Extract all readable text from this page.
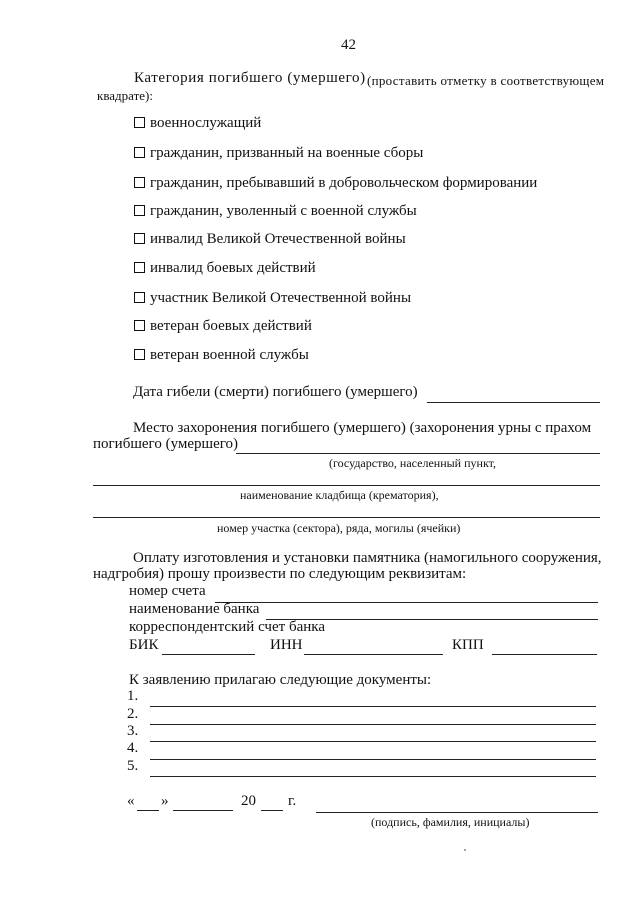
42
Категория погибшего (умершего) (проставить отметку в соответствующем
квадрате):
военнослужащий
гражданин, призванный на военные сборы
гражданин, пребывавший в добровольческом формировании
гражданин, уволенный с военной службы
инвалид Великой Отечественной войны
инвалид боевых действий
участник Великой Отечественной войны
ветеран боевых действий
ветеран военной службы
Дата гибели (смерти) погибшего (умершего)
Место захоронения погибшего (умершего) (захоронения урны с прахом
погибшего (умершего)
(государство, населенный пункт,
наименование кладбища (крематория),
номер участка (сектора), ряда, могилы (ячейки)
Оплату изготовления и установки памятника (намогильного сооружения,
надгробия) прошу произвести по следующим реквизитам:
номер счета
наименование банка
корреспондентский счет банка
БИК	ИНН	КПП
К заявлению прилагаю следующие документы:
1.
2.
3.
4.
5.
« »	20 г.
(подпись, фамилия, инициалы)
